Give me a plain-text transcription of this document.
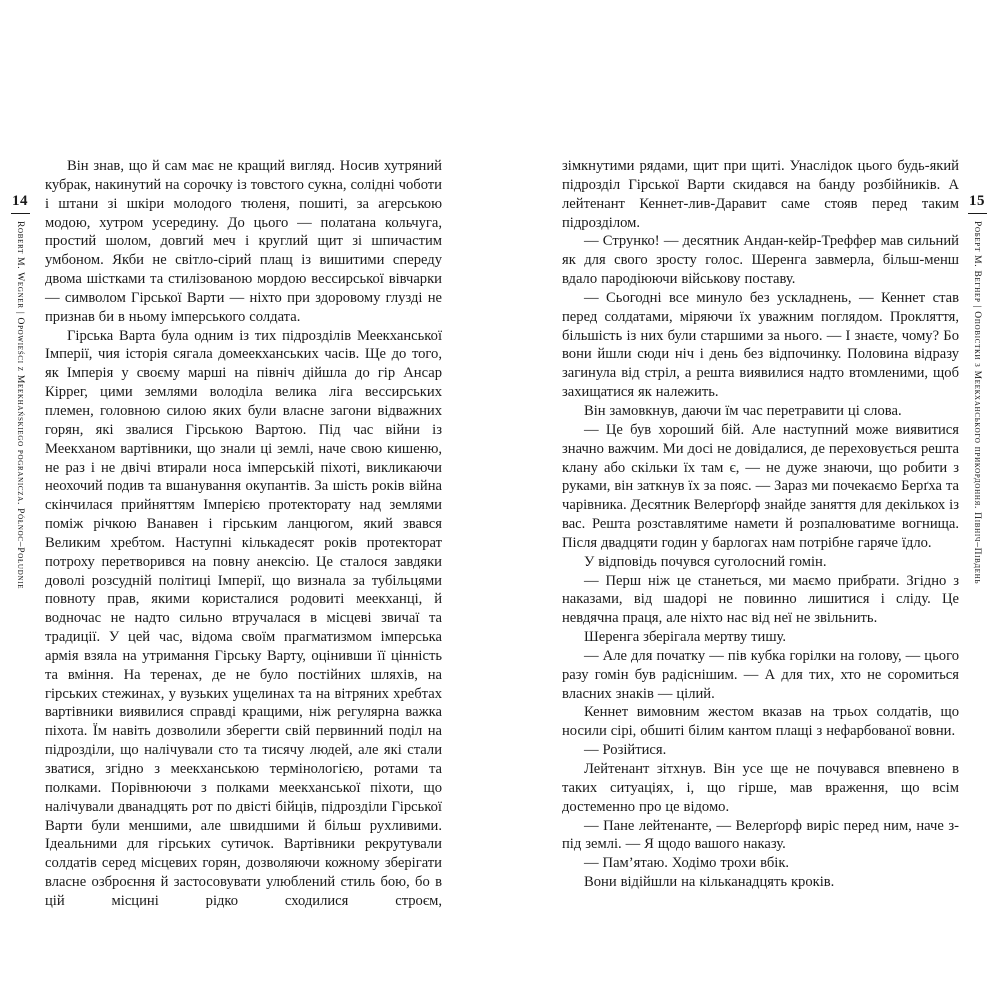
14
Robert M. Wegner | Opowieści z Meekhańskiego pogranicza. Północ–Południe

Він знав, що й сам має не кращий вигляд. Носив хутряний кубрак, накинутий на сорочку із товстого сукна, солідні чоботи і штани зі шкіри молодого тюленя, пошиті, за агерською модою, хутром усередину. До цього — полатана кольчуга, простий шолом, довгий меч і круглий щит зі шпичастим умбоном. Якби не світло-сірий плащ із вишитими спереду двома шістками та стилізованою мордою вессирської вівчарки — символом Гірської Варти — ніхто при здоровому глузді не признав би в ньому імперського солдата.

Гірська Варта була одним із тих підрозділів Меекханської Імперії, чия історія сягала домеекханських часів. Ще до того, як Імперія у своєму марші на північ дійшла до гір Ансар Кіррег, цими землями володіла велика ліга вессирських племен, головною силою яких були власне загони відважних горян, які звалися Гірською Вартою. Під час війни із Меекханом вартівники, що знали ці землі, наче свою кишеню, не раз і не двічі втирали носа імперській піхоті, викликаючи неохочий подив та вшанування окупантів. За шість років війна скінчилася прийняттям Імперією протекторату над землями поміж річкою Ванавен і гірським ланцюгом, який звався Великим хребтом. Наступні кількадесят років протекторат потроху перетворився на повну анексію. Це сталося завдяки доволі розсудній політиці Імперії, що визнала за тубільцями повноту прав, якими користалися родовиті меекханці, й водночас не надто сильно втручалася в місцеві звичаї та традиції. У цей час, відома своїм прагматизмом імперська армія взяла на утримання Гірську Варту, оцінивши її цінність та вміння. На теренах, де не було постійних шляхів, на гірських стежинах, у вузьких ущелинах та на вітряних хребтах вартівники виявилися справді кращими, ніж регулярна важка піхота. Їм навіть дозволили зберегти свій первинний поділ на підрозділи, що налічували сто та тисячу людей, але які стали зватися, згідно з меекханською термінологією, ротами та полками. Порівнюючи з полками меекханської піхоти, що налічували дванадцять рот по двісті бійців, підрозділи Гірської Варти були меншими, але швидшими й більш рухливими. Ідеальними для гірських сутичок. Вартівники рекрутували солдатів серед місцевих горян, дозволяючи кожному зберігати власне озброєння й застосовувати улюблений стиль бою, бо в цій місцині рідко сходилися строєм,

зімкнутими рядами, щит при щиті. Унаслідок цього будь-який підрозділ Гірської Варти скидався на банду розбійників. А лейтенант Кеннет-лив-Даравит саме стояв перед таким підрозділом.

— Струнко! — десятник Андан-кейр-Треффер мав сильний як для свого зросту голос. Шеренга завмерла, більш-менш вдало пародіюючи військову поставу.

— Сьогодні все минуло без ускладнень, — Кеннет став перед солдатами, міряючи їх уважним поглядом. Прокляття, більшість із них були старшими за нього. — І знаєте, чому? Бо вони йшли сюди ніч і день без відпочинку. Половина відразу загинула від стріл, а решта виявилися надто втомленими, щоб захищатися як належить.

Він замовкнув, даючи їм час перетравити ці слова.

— Це був хороший бій. Але наступний може виявитися значно важчим. Ми досі не довідалися, де переховується решта клану або скільки їх там є, — не дуже знаючи, що робити з руками, він заткнув їх за пояс. — Зараз ми почекаємо Берґха та чарівника. Десятник Велерґорф знайде заняття для декількох із вас. Решта розставлятиме намети й розпалюватиме вогнища. Після двадцяти годин у барлогах нам потрібне гаряче їдло.

У відповідь почувся суголосний гомін.

— Перш ніж це станеться, ми маємо прибрати. Згідно з наказами, від шадорі не повинно лишитися і сліду. Це невдячна праця, але ніхто нас від неї не звільнить.

Шеренга зберігала мертву тишу.

— Але для початку — пів кубка горілки на голову, — цього разу гомін був радіснішим. — А для тих, хто не соромиться власних знаків — цілий.

Кеннет вимовним жестом вказав на трьох солдатів, що носили сірі, обшиті білим кантом плащі з нефарбованої вовни.

— Розійтися.

Лейтенант зітхнув. Він усе ще не почувався впевнено в таких ситуаціях, і, що гірше, мав враження, що всім достеменно про це відомо.

— Пане лейтенанте, — Велерґорф виріс перед ним, наче з-під землі. — Я щодо вашого наказу.

— Пам’ятаю. Ходімо трохи вбік.

Вони відійшли на кільканадцять кроків.

15
Роберт М. Вегнер | Оповістки з Меекханського прикордоння. Північ–Південь
